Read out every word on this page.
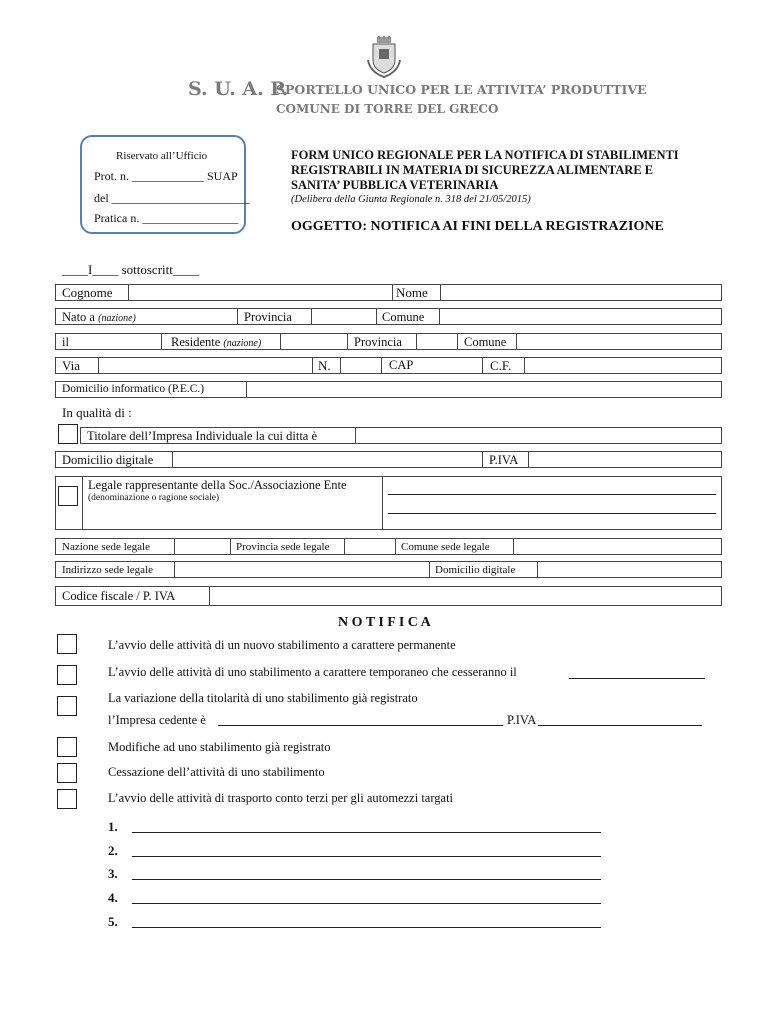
S. U. A. P.
SPORTELLO UNICO PER LE ATTIVITA’ PRODUTTIVE
COMUNE DI TORRE DEL GRECO
Riservato all’Ufficio
Prot. n. ____________ SUAP
del _______________________
Pratica n. ________________
FORM UNICO REGIONALE PER LA NOTIFICA DI STABILIMENTI
REGISTRABILI IN MATERIA DI SICUREZZA ALIMENTARE E
SANITA’ PUBBLICA VETERINARIA
(Delibera della Giunta Regionale n. 318 del 21/05/2015)
OGGETTO: NOTIFICA AI FINI DELLA REGISTRAZIONE
____I____ sottoscritt____
Cognome	Nome
Nato a (nazione)	Provincia	Comune
il	Residente (nazione)	Provincia	Comune
Via	N.	CAP	C.F.
Domicilio informatico (P.E.C.)
In qualità di :
Titolare dell’Impresa Individuale la cui ditta è
Domicilio digitale	P.IVA
Legale rappresentante della Soc./Associazione Ente
(denominazione o ragione sociale)
Nazione sede legale	Provincia sede legale	Comune sede legale
Indirizzo sede legale	Domicilio digitale
Codice fiscale / P. IVA
N O T I F I C A
L’avvio delle attività di un nuovo stabilimento a carattere permanente
L’avvio delle attività di uno stabilimento a carattere temporaneo che cesseranno il
La variazione della titolarità di uno stabilimento già registrato
l’Impresa cedente è	P.IVA
Modifiche ad uno stabilimento già registrato
Cessazione dell’attività di uno stabilimento
L’avvio delle attività di trasporto conto terzi per gli automezzi targati
1.
2.
3.
4.
5.
